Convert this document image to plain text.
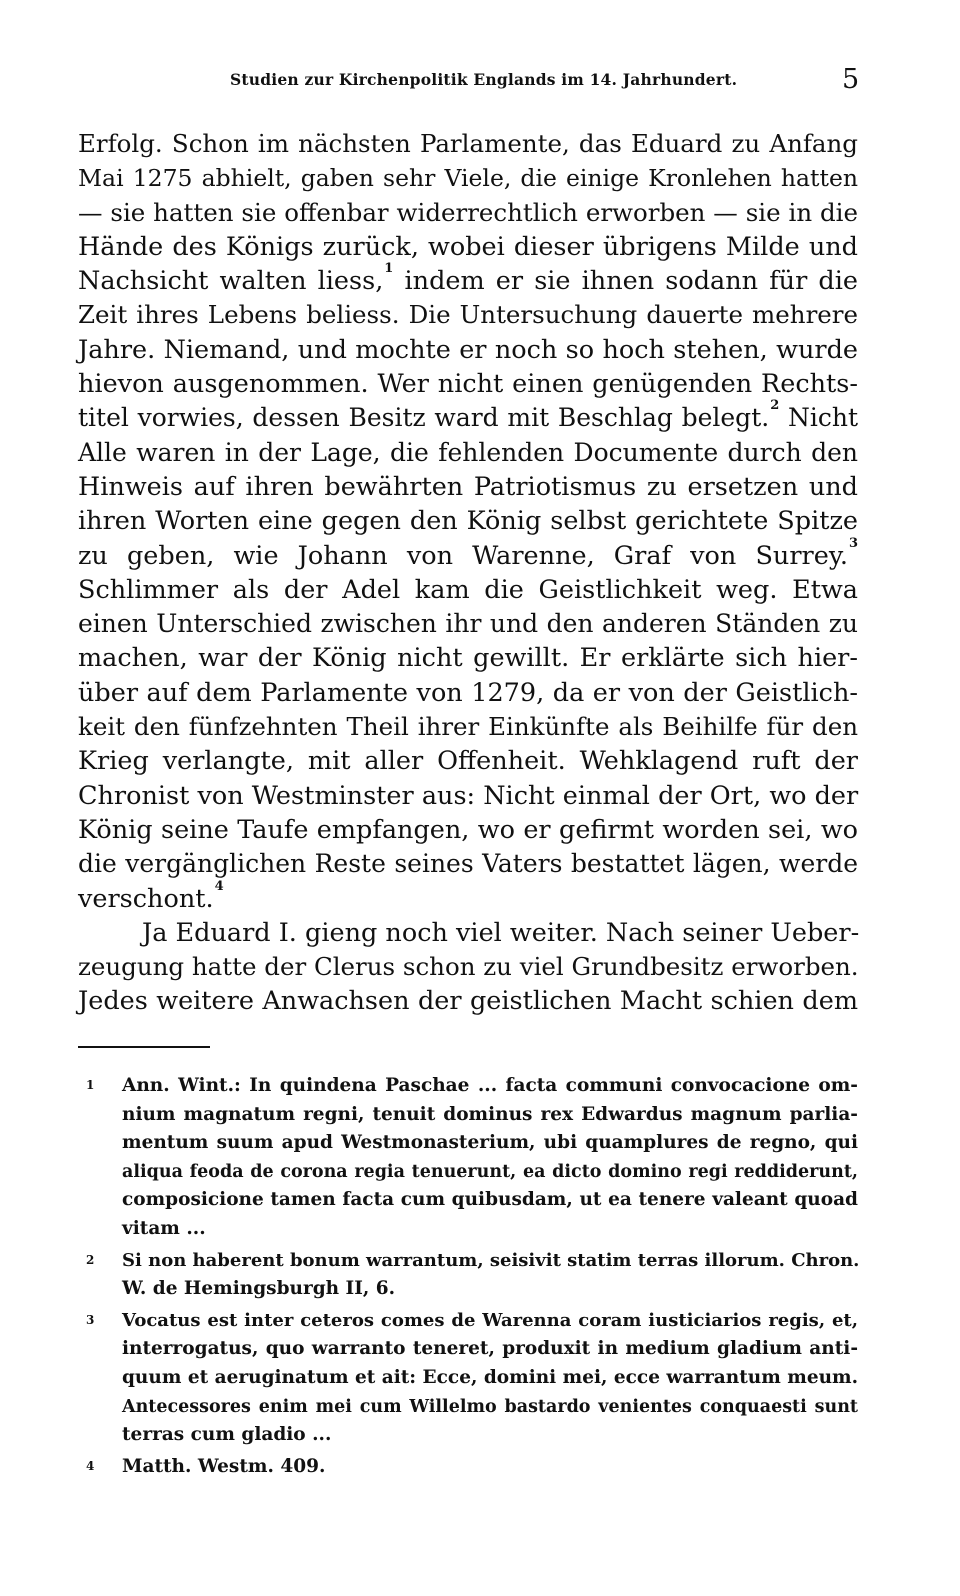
Studien zur Kirchenpolitik Englands im 14. Jahrhundert.	5
Erfolg. Schon im nächsten Parlamente, das Eduard zu Anfang
Mai 1275 abhielt, gaben sehr Viele, die einige Kronlehen hatten
— sie hatten sie offenbar widerrechtlich erworben — sie in die
Hände des Königs zurück, wobei dieser übrigens Milde und
Nachsicht walten liess,$^1$ indem er sie ihnen sodann für die
Zeit ihres Lebens beliess. Die Untersuchung dauerte mehrere
Jahre. Niemand, und mochte er noch so hoch stehen, wurde
hievon ausgenommen. Wer nicht einen genügenden Rechts-
titel vorwies, dessen Besitz ward mit Beschlag belegt.$^2$ Nicht
Alle waren in der Lage, die fehlenden Documente durch den
Hinweis auf ihren bewährten Patriotismus zu ersetzen und
ihren Worten eine gegen den König selbst gerichtete Spitze
zu geben, wie Johann von Warenne, Graf von Surrey.$^3$
Schlimmer als der Adel kam die Geistlichkeit weg. Etwa
einen Unterschied zwischen ihr und den anderen Ständen zu
machen, war der König nicht gewillt. Er erklärte sich hier-
über auf dem Parlamente von 1279, da er von der Geistlich-
keit den fünfzehnten Theil ihrer Einkünfte als Beihilfe für den
Krieg verlangte, mit aller Offenheit. Wehklagend ruft der
Chronist von Westminster aus: Nicht einmal der Ort, wo der
König seine Taufe empfangen, wo er gefirmt worden sei, wo
die vergänglichen Reste seines Vaters bestattet lägen, werde
verschont.$^4$
Ja Eduard I. gieng noch viel weiter. Nach seiner Ueber-
zeugung hatte der Clerus schon zu viel Grundbesitz erworben.
Jedes weitere Anwachsen der geistlichen Macht schien dem
1 Ann. Wint.: In quindena Paschae ... facta communi convocacione om-
nium magnatum regni, tenuit dominus rex Edwardus magnum parlia-
mentum suum apud Westmonasterium, ubi quamplures de regno, qui
aliqua feoda de corona regia tenuerunt, ea dicto domino regi reddiderunt,
composicione tamen facta cum quibusdam, ut ea tenere valeant quoad
vitam ...
2 Si non haberent bonum warrantum, seisivit statim terras illorum. Chron.
W. de Hemingsburgh II, 6.
3 Vocatus est inter ceteros comes de Warenna coram iusticiarios regis, et,
interrogatus, quo warranto teneret, produxit in medium gladium anti-
quum et aeruginatum et ait: Ecce, domini mei, ecce warrantum meum.
Antecessores enim mei cum Willelmo bastardo venientes conquaesti sunt
terras cum gladio ...
4 Matth. Westm. 409.
